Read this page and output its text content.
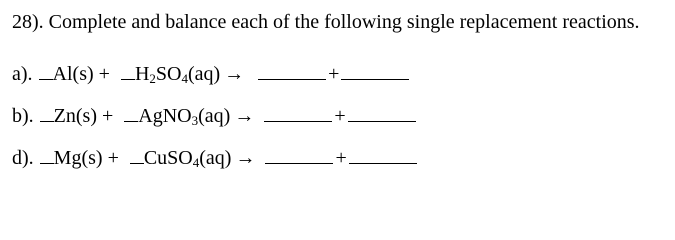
28). Complete and balance each of the following single replacement reactions.
a). $Al(s) + H_2SO_4(aq)$ →	+
b). Zn(s) + AgNO$_3$(aq) →	+
d). Mg(s) + CuSO$_4$(aq) →	+
